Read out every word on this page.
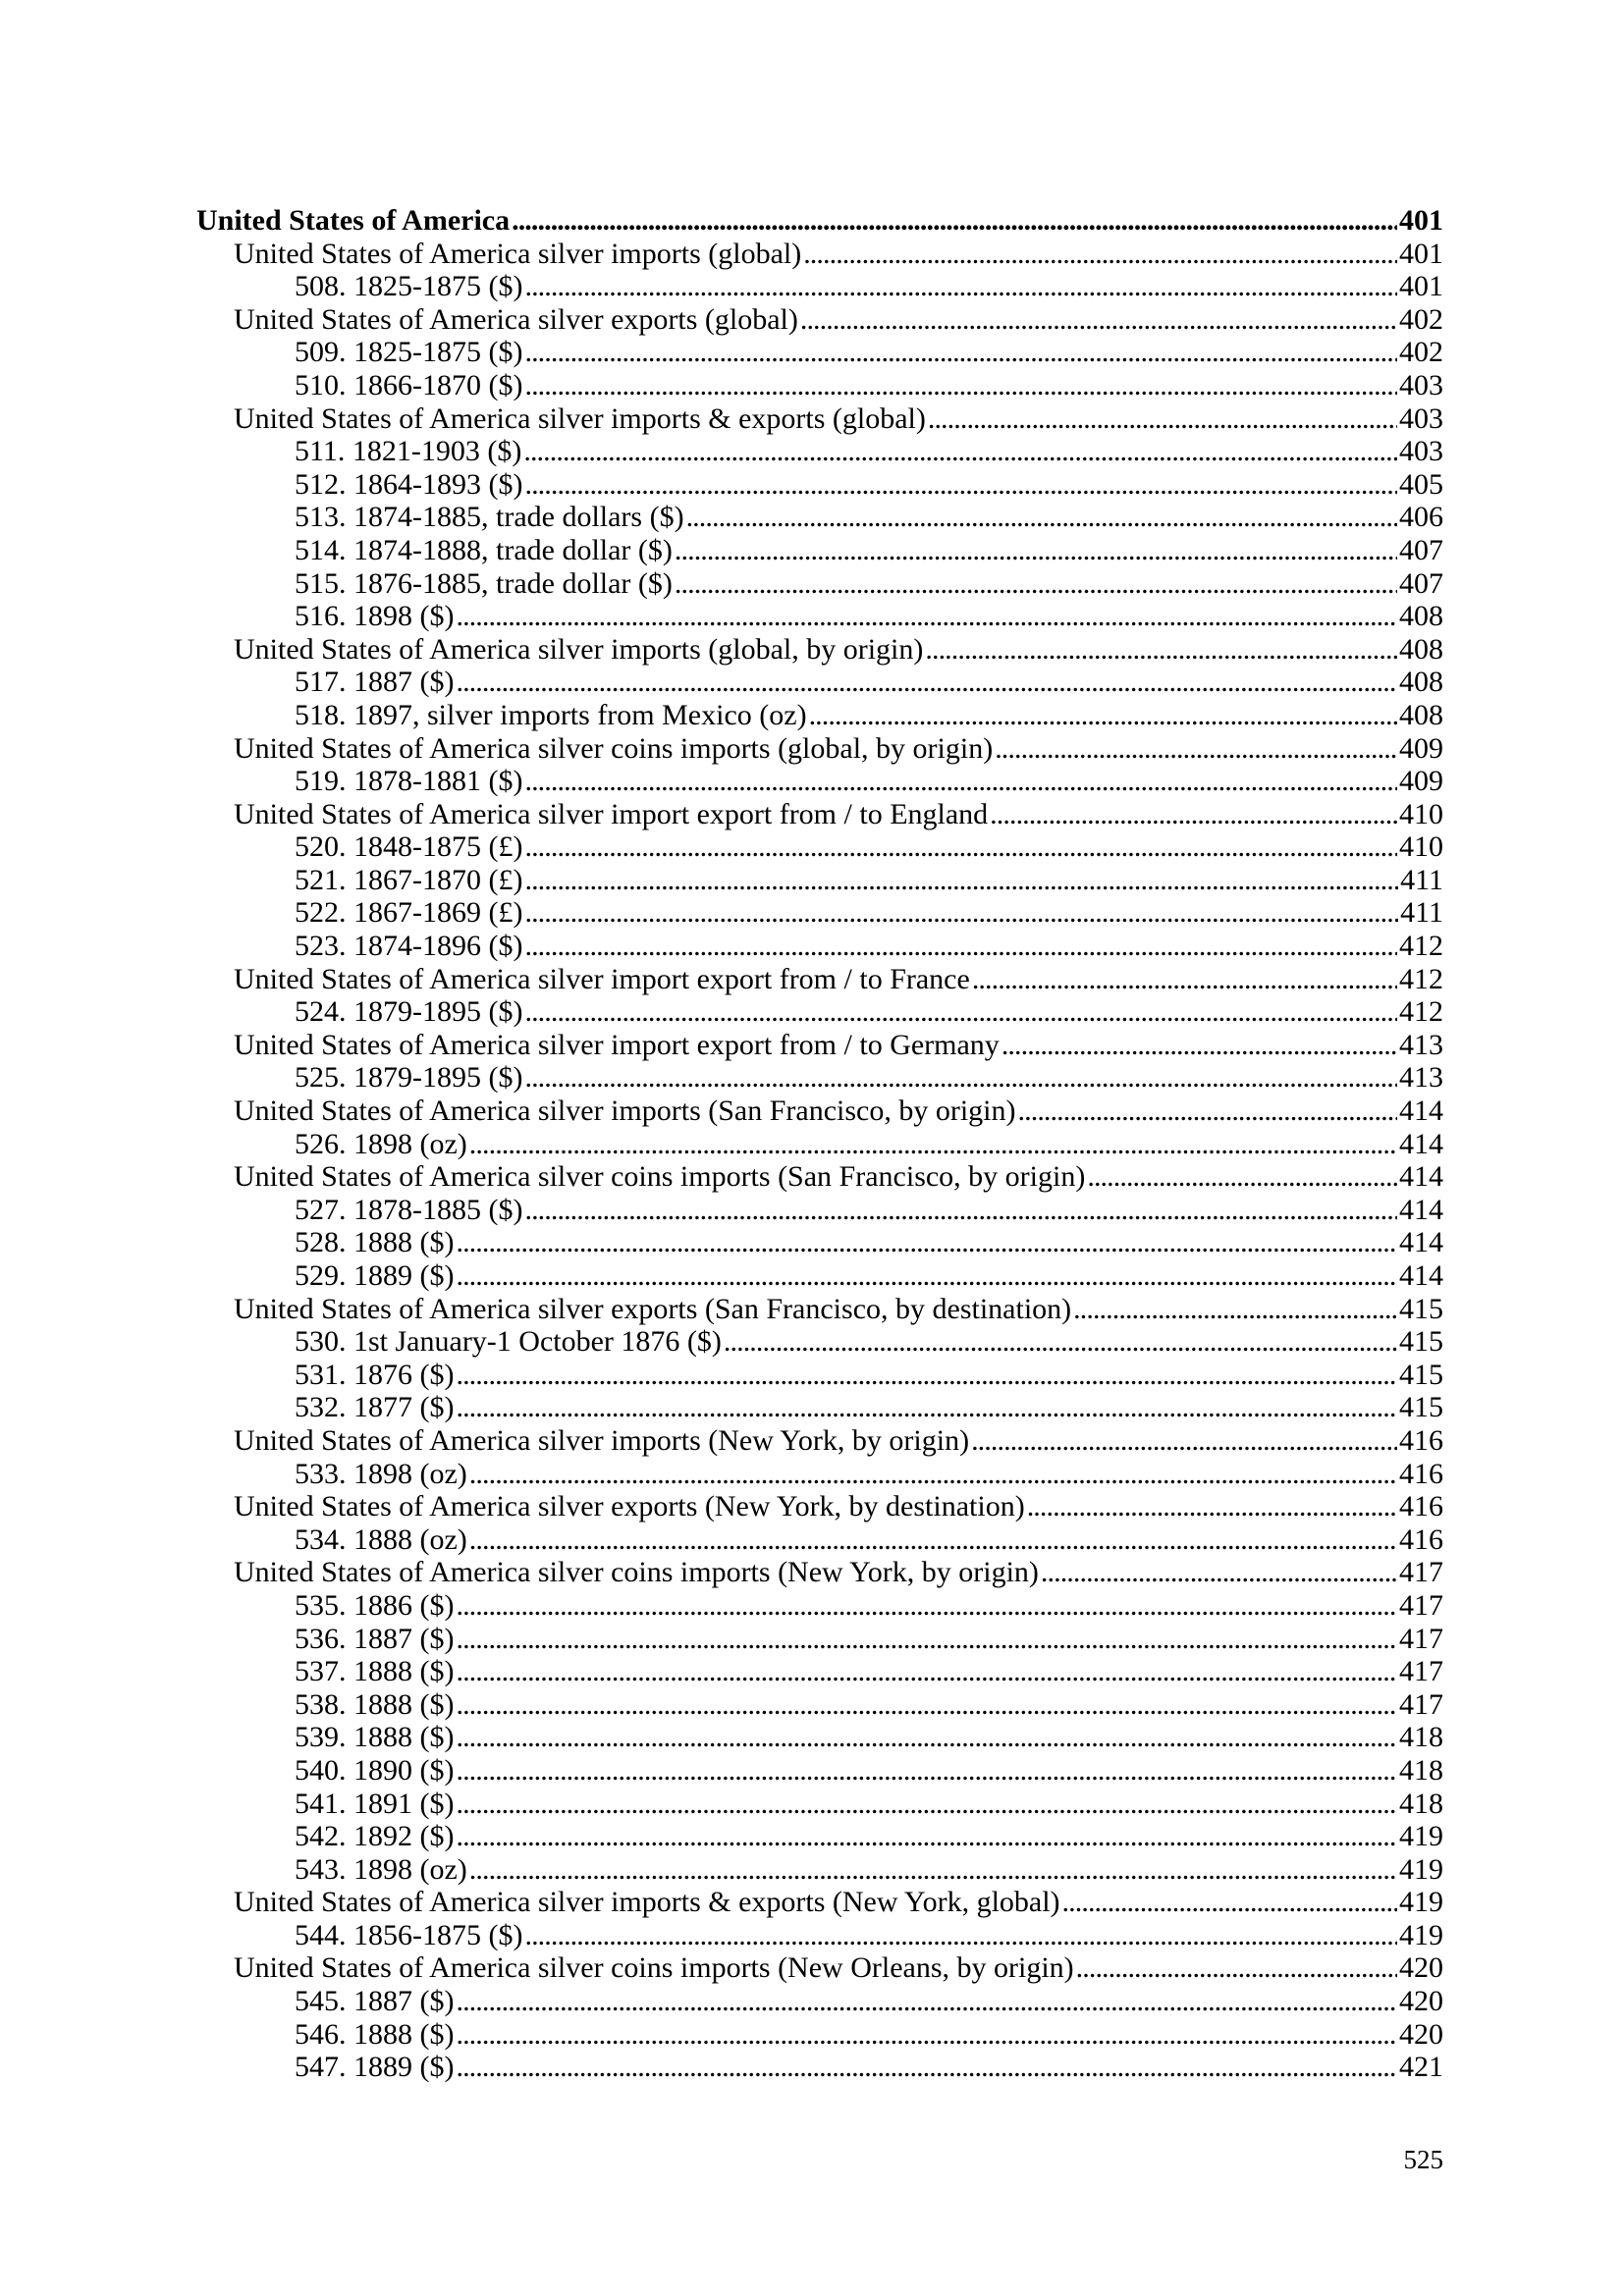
United States of America . . .	401
United States of America silver imports (global) . . .	401
508. 1825-1875 ($) . . .	401
United States of America silver exports (global) . . .	402
509. 1825-1875 ($) . . .	402
510. 1866-1870 ($) . . .	403
United States of America silver imports & exports (global) . . .	403
511. 1821-1903 ($) . . .	403
512. 1864-1893 ($) . . .	405
513. 1874-1885, trade dollars ($) . . .	406
514. 1874-1888, trade dollar ($) . . .	407
515. 1876-1885, trade dollar ($) . . .	407
516. 1898 ($) . . .	408
United States of America silver imports (global, by origin) . . .	408
517. 1887 ($) . . .	408
518. 1897, silver imports from Mexico (oz) . . .	408
United States of America silver coins imports (global, by origin) . . .	409
519. 1878-1881 ($) . . .	409
United States of America silver import export from / to England . . .	410
520. 1848-1875 (£) . . .	410
521. 1867-1870 (£) . . .	411
522. 1867-1869 (£) . . .	411
523. 1874-1896 ($) . . .	412
United States of America silver import export from / to France . . .	412
524. 1879-1895 ($) . . .	412
United States of America silver import export from / to Germany . . .	413
525. 1879-1895 ($) . . .	413
United States of America silver imports (San Francisco, by origin) . . .	414
526. 1898 (oz) . . .	414
United States of America silver coins imports (San Francisco, by origin) . . .	414
527. 1878-1885 ($) . . .	414
528. 1888 ($) . . .	414
529. 1889 ($) . . .	414
United States of America silver exports (San Francisco, by destination) . . .	415
530. 1st January-1 October 1876 ($) . . .	415
531. 1876 ($) . . .	415
532. 1877 ($) . . .	415
United States of America silver imports (New York, by origin) . . .	416
533. 1898 (oz) . . .	416
United States of America silver exports (New York, by destination) . . .	416
534. 1888 (oz) . . .	416
United States of America silver coins imports (New York, by origin) . . .	417
535. 1886 ($) . . .	417
536. 1887 ($) . . .	417
537. 1888 ($) . . .	417
538. 1888 ($) . . .	417
539. 1888 ($) . . .	418
540. 1890 ($) . . .	418
541. 1891 ($) . . .	418
542. 1892 ($) . . .	419
543. 1898 (oz) . . .	419
United States of America silver imports & exports (New York, global) . . .	419
544. 1856-1875 ($) . . .	419
United States of America silver coins imports (New Orleans, by origin) . . .	420
545. 1887 ($) . . .	420
546. 1888 ($) . . .	420
547. 1889 ($) . . .	421
525
